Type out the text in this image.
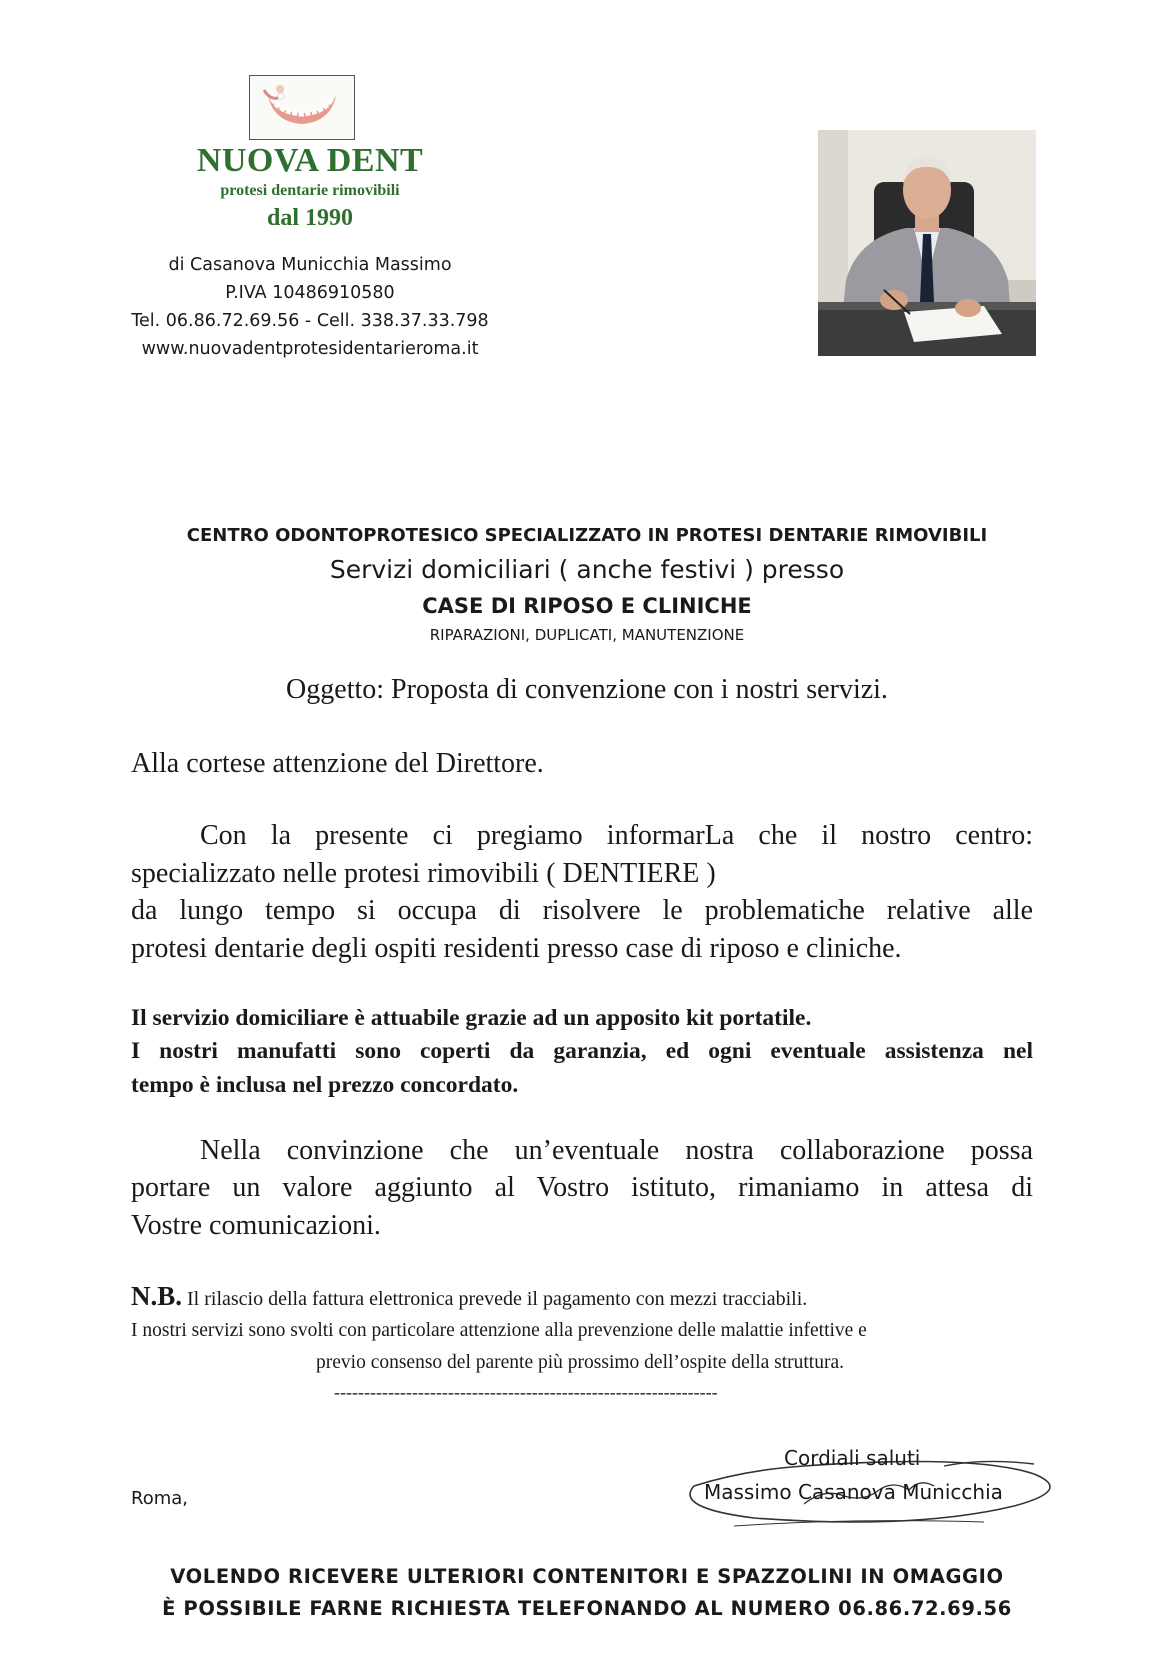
NUOVA DENT
protesi dentarie rimovibili
dal 1990
di Casanova Municchia Massimo
P.IVA 10486910580
Tel. 06.86.72.69.56 - Cell. 338.37.33.798
www.nuovadentprotesidentarieroma.it
CENTRO ODONTOPROTESICO SPECIALIZZATO IN PROTESI DENTARIE RIMOVIBILI
Servizi domiciliari ( anche festivi ) presso
CASE DI RIPOSO E CLINICHE
RIPARAZIONI, DUPLICATI, MANUTENZIONE
Oggetto: Proposta di convenzione con i nostri servizi.
Alla cortese attenzione del Direttore.
Con la presente ci pregiamo informarLa che il nostro centro:
specializzato nelle protesi rimovibili ( DENTIERE )
da lungo tempo si occupa di risolvere le problematiche relative alle
protesi dentarie degli ospiti residenti presso case di riposo e cliniche.
Il servizio domiciliare è attuabile grazie ad un apposito kit portatile.
I nostri manufatti sono coperti da garanzia, ed ogni eventuale assistenza nel
tempo è inclusa nel prezzo concordato.
Nella convinzione che un’eventuale nostra collaborazione possa
portare un valore aggiunto al Vostro istituto, rimaniamo in attesa di
Vostre comunicazioni.
N.B. Il rilascio della fattura elettronica prevede il pagamento con mezzi tracciabili.
I nostri servizi sono svolti con particolare attenzione alla prevenzione delle malattie infettive e
previo consenso del parente più prossimo dell’ospite della struttura.
----------------------------------------------------------------
Roma,
Cordiali saluti
Massimo Casanova Municchia
VOLENDO RICEVERE ULTERIORI CONTENITORI E SPAZZOLINI IN OMAGGIO
È POSSIBILE FARNE RICHIESTA TELEFONANDO AL NUMERO 06.86.72.69.56
